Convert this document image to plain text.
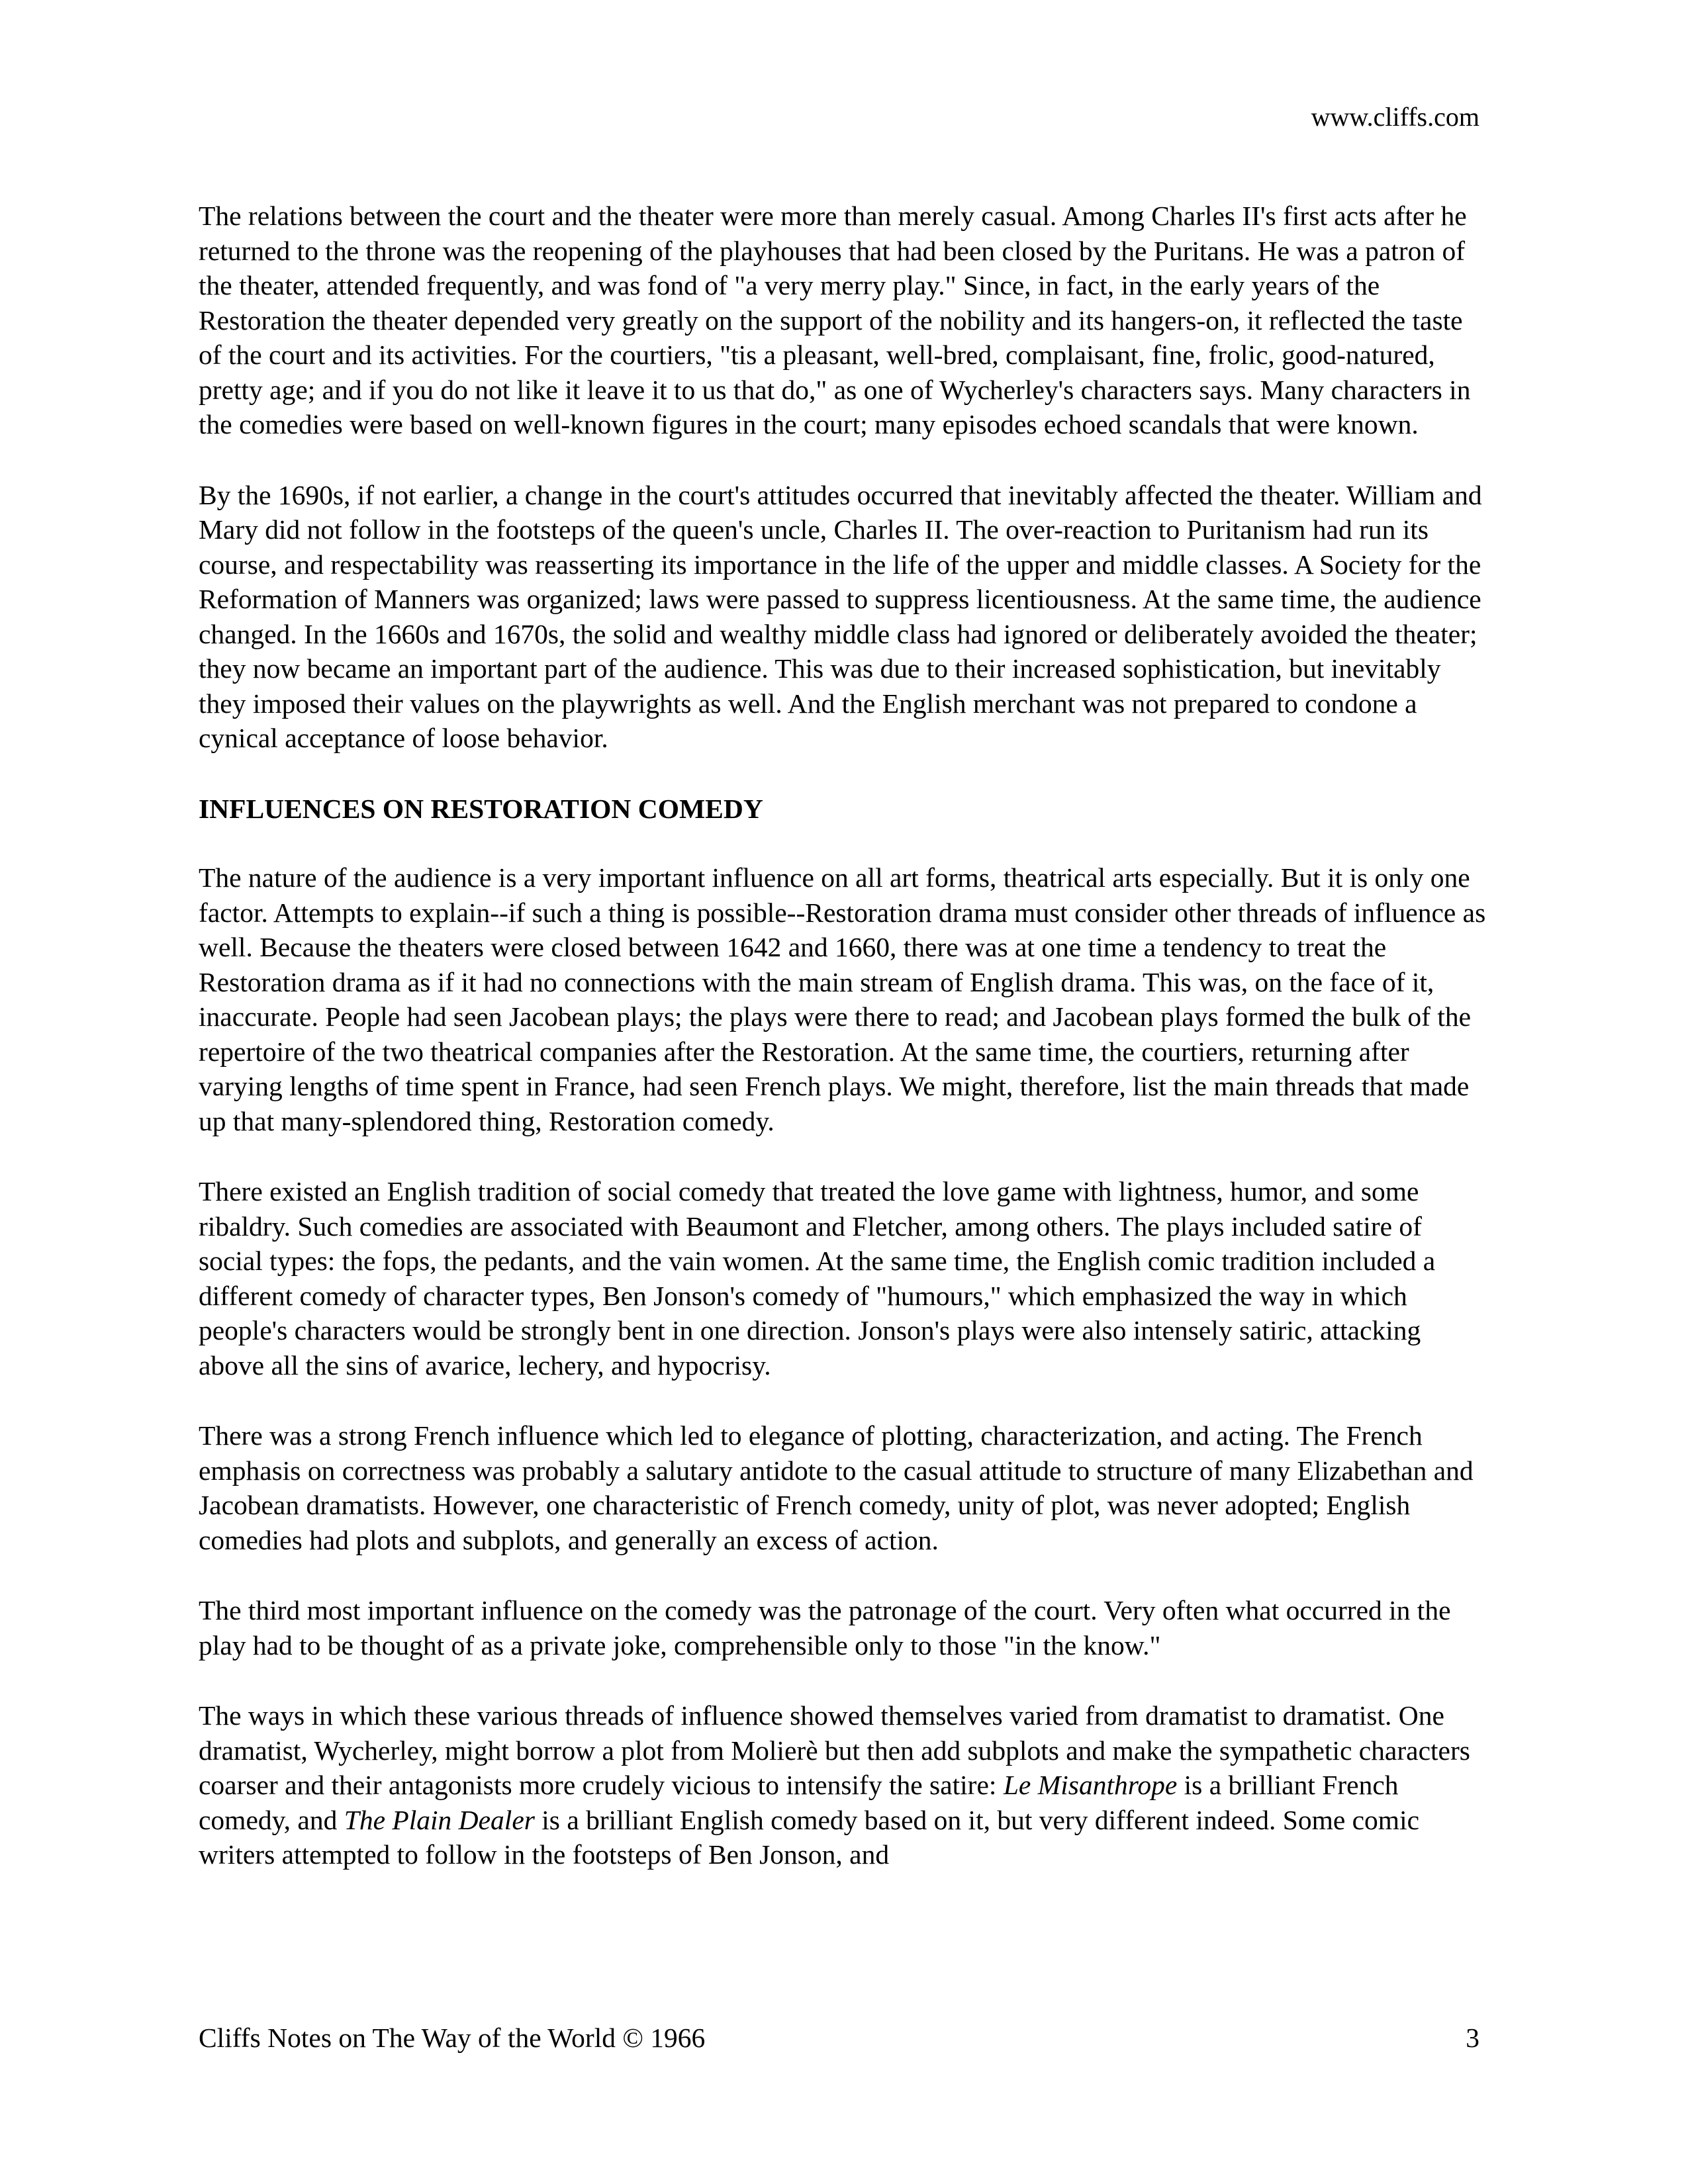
www.cliffs.com

The relations between the court and the theater were more than merely casual. Among Charles II's first acts after he returned to the throne was the reopening of the playhouses that had been closed by the Puritans. He was a patron of the theater, attended frequently, and was fond of "a very merry play." Since, in fact, in the early years of the Restoration the theater depended very greatly on the support of the nobility and its hangers-on, it reflected the taste of the court and its activities. For the courtiers, "tis a pleasant, well-bred, complaisant, fine, frolic, good-natured, pretty age; and if you do not like it leave it to us that do," as one of Wycherley's characters says. Many characters in the comedies were based on well-known figures in the court; many episodes echoed scandals that were known.

By the 1690s, if not earlier, a change in the court's attitudes occurred that inevitably affected the theater. William and Mary did not follow in the footsteps of the queen's uncle, Charles II. The over-reaction to Puritanism had run its course, and respectability was reasserting its importance in the life of the upper and middle classes. A Society for the Reformation of Manners was organized; laws were passed to suppress licentiousness. At the same time, the audience changed. In the 1660s and 1670s, the solid and wealthy middle class had ignored or deliberately avoided the theater; they now became an important part of the audience. This was due to their increased sophistication, but inevitably they imposed their values on the playwrights as well. And the English merchant was not prepared to condone a cynical acceptance of loose behavior.

INFLUENCES ON RESTORATION COMEDY

The nature of the audience is a very important influence on all art forms, theatrical arts especially. But it is only one factor. Attempts to explain--if such a thing is possible--Restoration drama must consider other threads of influence as well. Because the theaters were closed between 1642 and 1660, there was at one time a tendency to treat the Restoration drama as if it had no connections with the main stream of English drama. This was, on the face of it, inaccurate. People had seen Jacobean plays; the plays were there to read; and Jacobean plays formed the bulk of the repertoire of the two theatrical companies after the Restoration. At the same time, the courtiers, returning after varying lengths of time spent in France, had seen French plays. We might, therefore, list the main threads that made up that many-splendored thing, Restoration comedy.

There existed an English tradition of social comedy that treated the love game with lightness, humor, and some ribaldry. Such comedies are associated with Beaumont and Fletcher, among others. The plays included satire of social types: the fops, the pedants, and the vain women. At the same time, the English comic tradition included a different comedy of character types, Ben Jonson's comedy of "humours," which emphasized the way in which people's characters would be strongly bent in one direction. Jonson's plays were also intensely satiric, attacking above all the sins of avarice, lechery, and hypocrisy.

There was a strong French influence which led to elegance of plotting, characterization, and acting. The French emphasis on correctness was probably a salutary antidote to the casual attitude to structure of many Elizabethan and Jacobean dramatists. However, one characteristic of French comedy, unity of plot, was never adopted; English comedies had plots and subplots, and generally an excess of action.

The third most important influence on the comedy was the patronage of the court. Very often what occurred in the play had to be thought of as a private joke, comprehensible only to those "in the know."

The ways in which these various threads of influence showed themselves varied from dramatist to dramatist. One dramatist, Wycherley, might borrow a plot from Molierè but then add subplots and make the sympathetic characters coarser and their antagonists more crudely vicious to intensify the satire: Le Misanthrope is a brilliant French comedy, and The Plain Dealer is a brilliant English comedy based on it, but very different indeed. Some comic writers attempted to follow in the footsteps of Ben Jonson, and

Cliffs Notes on The Way of the World © 1966	3
